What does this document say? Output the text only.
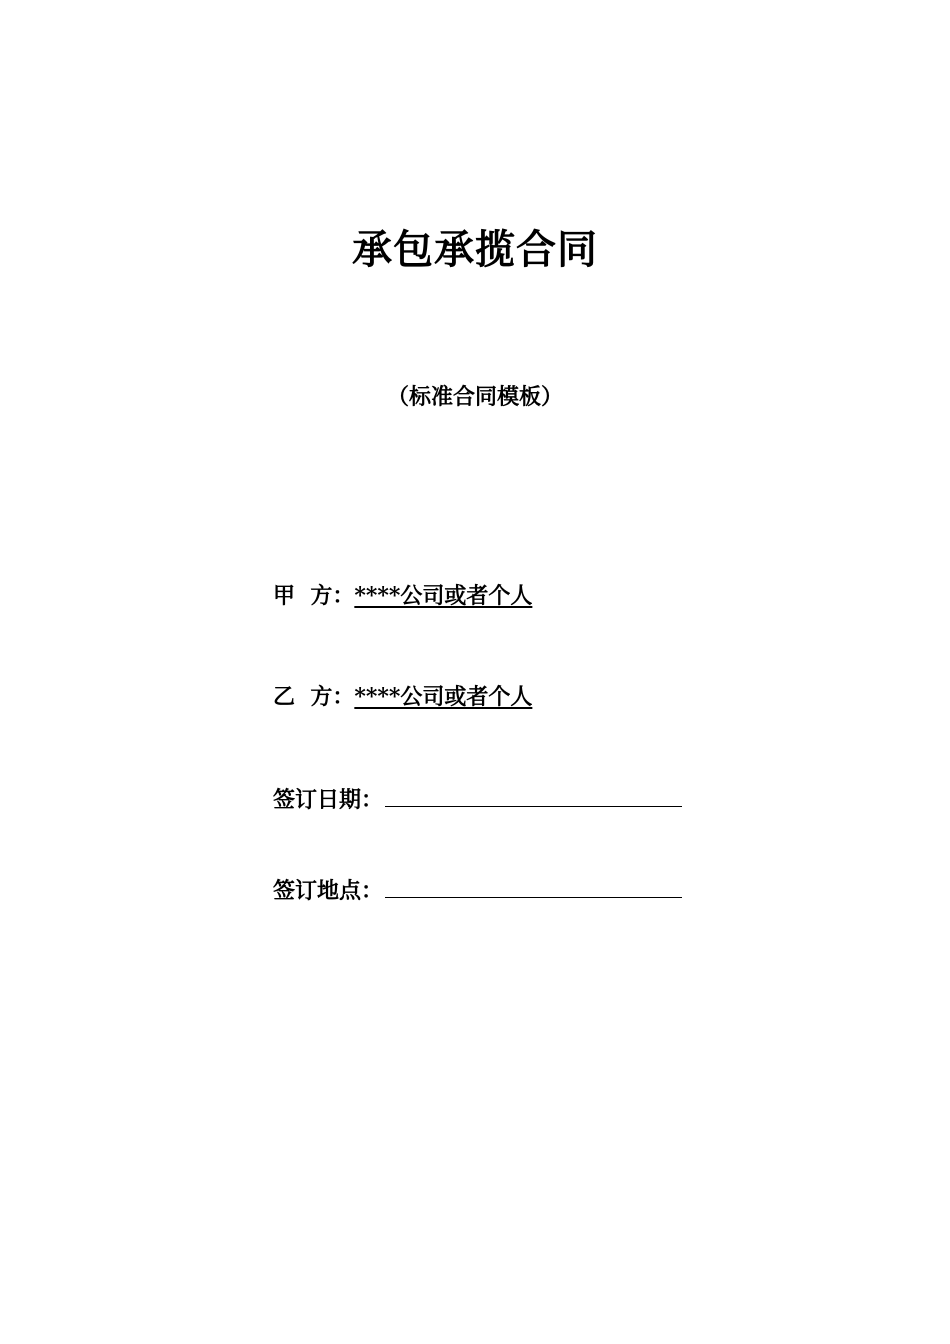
承包承揽合同
（标准合同模板）
甲  方：****公司或者个人
乙  方：****公司或者个人
签订日期：
签订地点：
